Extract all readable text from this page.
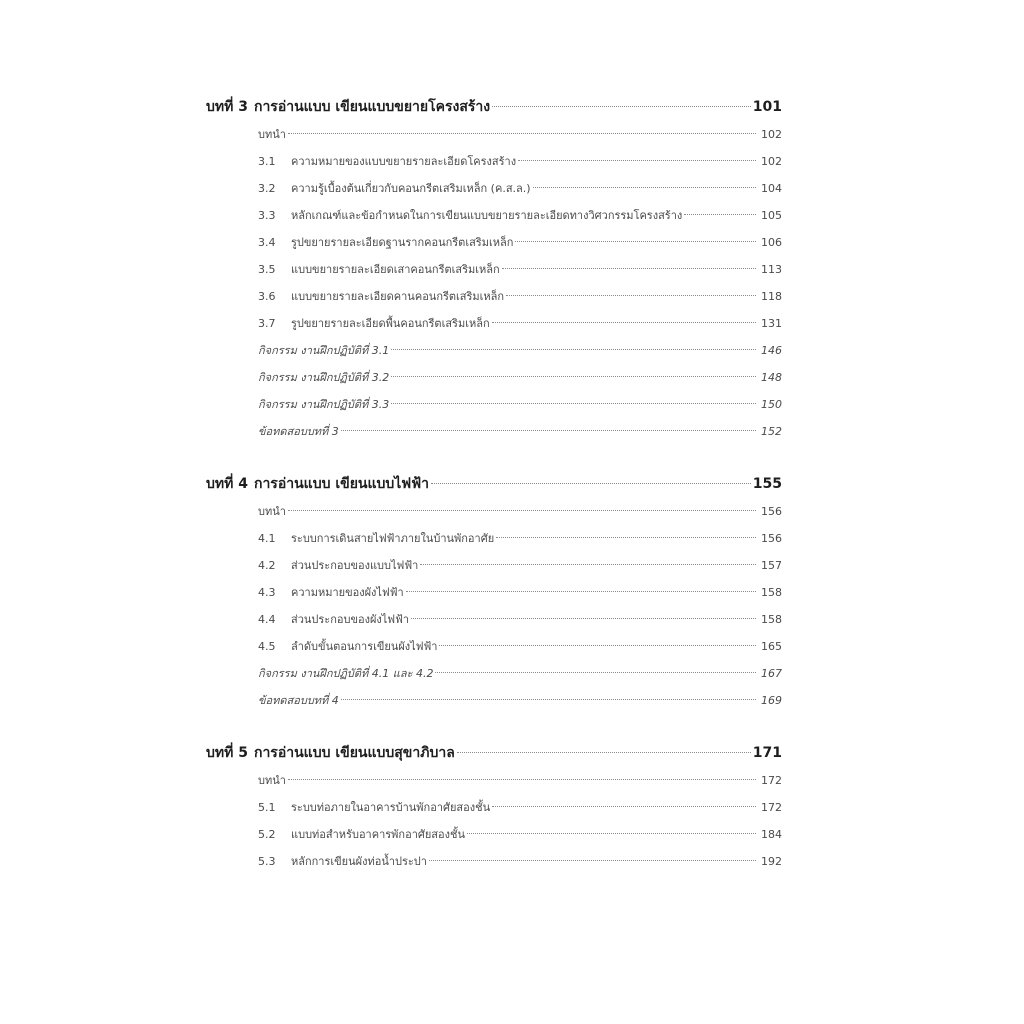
บทที่ 3 การอ่านแบบ เขียนแบบขยายโครงสร้าง	101
บทนำ	102
3.1	ความหมายของแบบขยายรายละเอียดโครงสร้าง	102
3.2	ความรู้เบื้องต้นเกี่ยวกับคอนกรีตเสริมเหล็ก (ค.ส.ล.)	104
3.3	หลักเกณฑ์และข้อกำหนดในการเขียนแบบขยายรายละเอียดทางวิศวกรรมโครงสร้าง	105
3.4	รูปขยายรายละเอียดฐานรากคอนกรีตเสริมเหล็ก	106
3.5	แบบขยายรายละเอียดเสาคอนกรีตเสริมเหล็ก	113
3.6	แบบขยายรายละเอียดคานคอนกรีตเสริมเหล็ก	118
3.7	รูปขยายรายละเอียดพื้นคอนกรีตเสริมเหล็ก	131
กิจกรรม งานฝึกปฏิบัติที่ 3.1	146
กิจกรรม งานฝึกปฏิบัติที่ 3.2	148
กิจกรรม งานฝึกปฏิบัติที่ 3.3	150
ข้อทดสอบบทที่ 3	152
บทที่ 4 การอ่านแบบ เขียนแบบไฟฟ้า	155
บทนำ	156
4.1	ระบบการเดินสายไฟฟ้าภายในบ้านพักอาศัย	156
4.2	ส่วนประกอบของแบบไฟฟ้า	157
4.3	ความหมายของผังไฟฟ้า	158
4.4	ส่วนประกอบของผังไฟฟ้า	158
4.5	ลำดับขั้นตอนการเขียนผังไฟฟ้า	165
กิจกรรม งานฝึกปฏิบัติที่ 4.1 และ 4.2	167
ข้อทดสอบบทที่ 4	169
บทที่ 5 การอ่านแบบ เขียนแบบสุขาภิบาล	171
บทนำ	172
5.1	ระบบท่อภายในอาคารบ้านพักอาศัยสองชั้น	172
5.2	แบบท่อสำหรับอาคารพักอาศัยสองชั้น	184
5.3	หลักการเขียนผังท่อน้ำประปา	192
